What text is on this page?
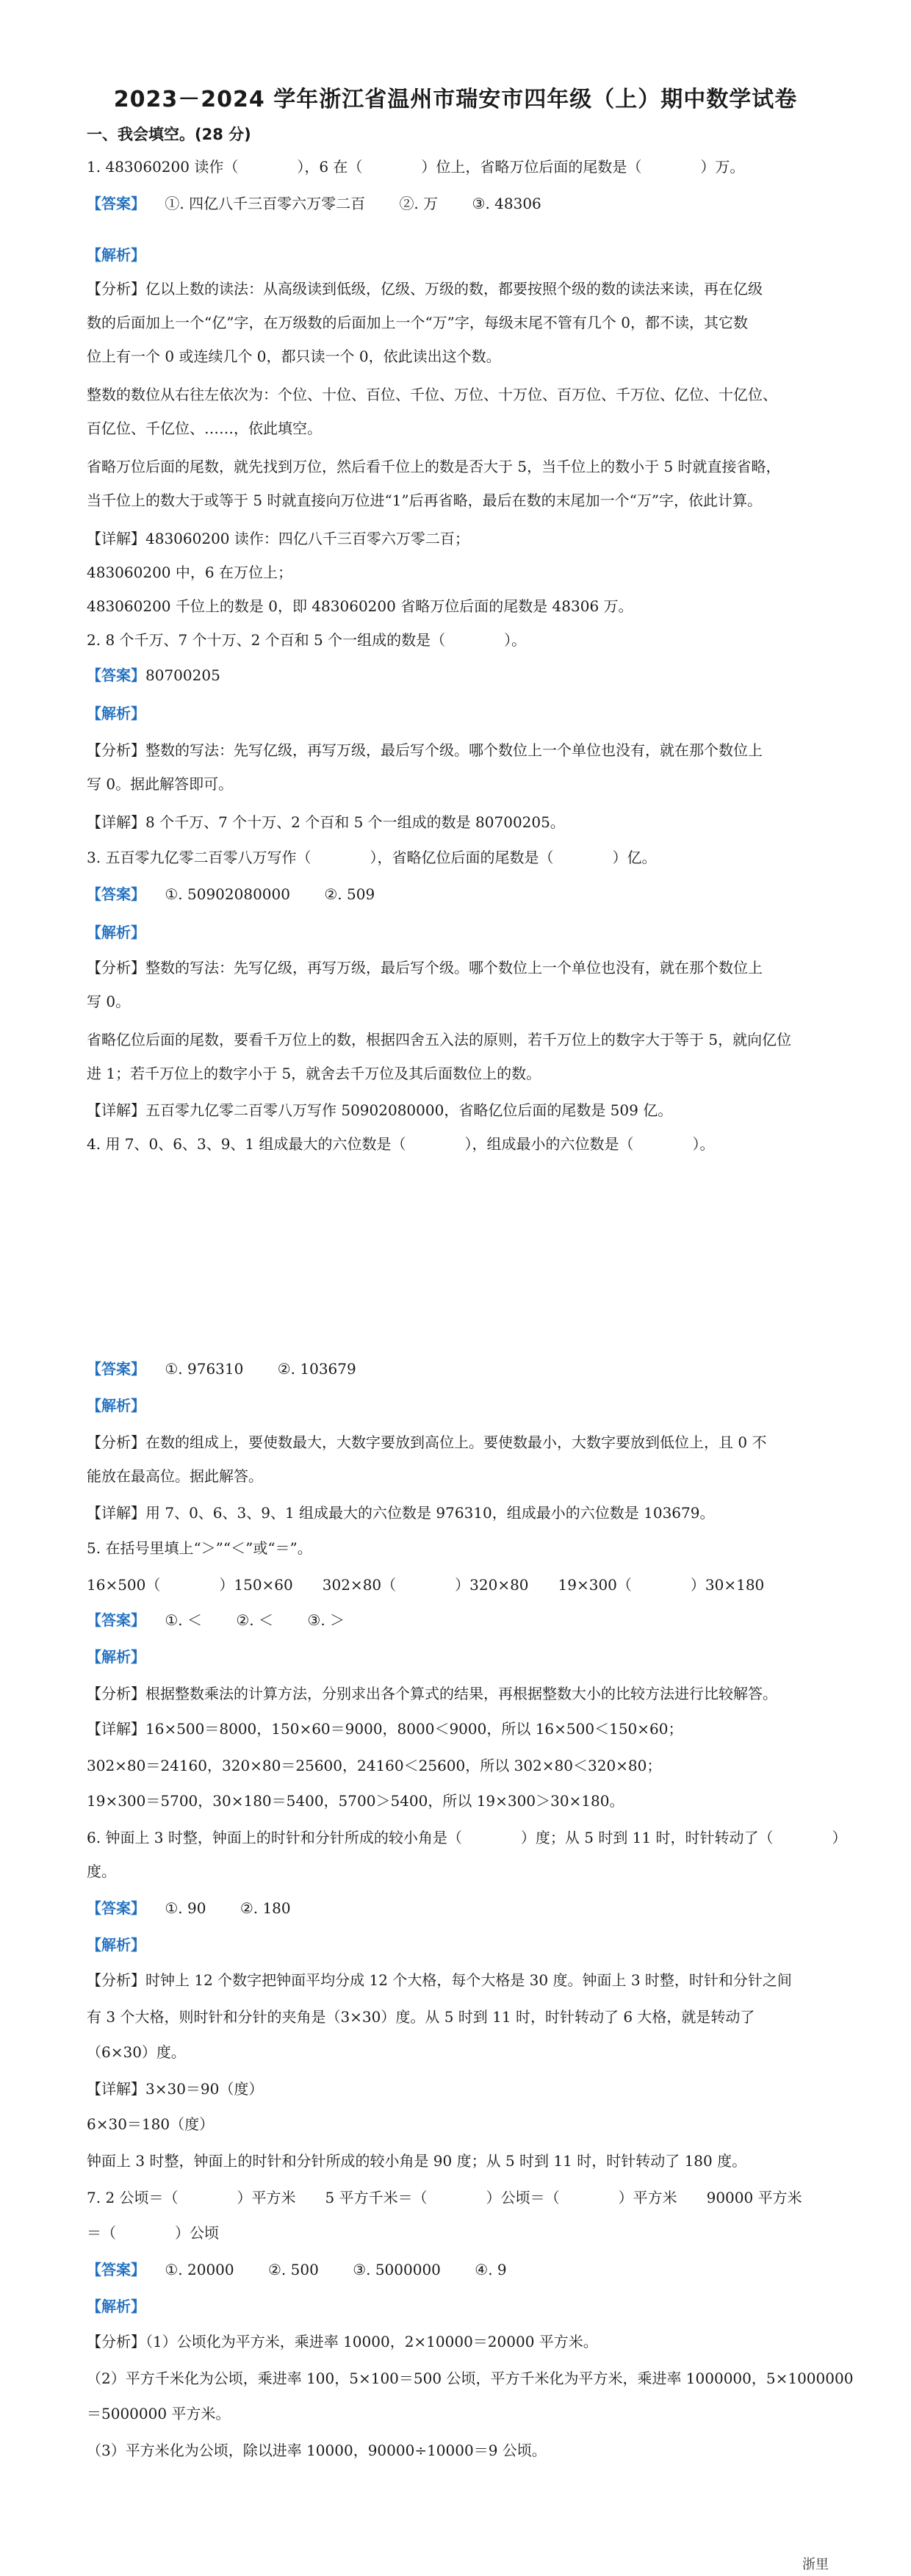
2023－2024 学年浙江省温州市瑞安市四年级（上）期中数学试卷
一、我会填空。(28 分)
1. 483060200 读作（　　　　），6 在（　　　　）位上，省略万位后面的尾数是（　　　　）万。
【答案】  ①. 四亿八千三百零六万零二百 ②. 万 ③. 48306
【解析】
【分析】亿以上数的读法：从高级读到低级，亿级、万级的数，都要按照个级的数的读法来读，再在亿级
数的后面加上一个“亿”字，在万级数的后面加上一个“万”字，每级末尾不管有几个 0，都不读，其它数
位上有一个 0 或连续几个 0，都只读一个 0，依此读出这个数。
整数的数位从右往左依次为：个位、十位、百位、千位、万位、十万位、百万位、千万位、亿位、十亿位、
百亿位、千亿位、……，依此填空。
省略万位后面的尾数，就先找到万位，然后看千位上的数是否大于 5，当千位上的数小于 5 时就直接省略，
当千位上的数大于或等于 5 时就直接向万位进“1”后再省略，最后在数的末尾加一个“万”字，依此计算。
【详解】483060200 读作：四亿八千三百零六万零二百；
483060200 中，6 在万位上；
483060200 千位上的数是 0，即 483060200 省略万位后面的尾数是 48306 万。
2. 8 个千万、7 个十万、2 个百和 5 个一组成的数是（　　　　）。
【答案】80700205
【解析】
【分析】整数的写法：先写亿级，再写万级，最后写个级。哪个数位上一个单位也没有，就在那个数位上
写 0。据此解答即可。
【详解】8 个千万、7 个十万、2 个百和 5 个一组成的数是 80700205。
3. 五百零九亿零二百零八万写作（　　　　），省略亿位后面的尾数是（　　　　）亿。
【答案】  ①. 50902080000 ②. 509
【解析】
【分析】整数的写法：先写亿级，再写万级，最后写个级。哪个数位上一个单位也没有，就在那个数位上
写 0。
省略亿位后面的尾数，要看千万位上的数，根据四舍五入法的原则，若千万位上的数字大于等于 5，就向亿位
进 1；若千万位上的数字小于 5，就舍去千万位及其后面数位上的数。
【详解】五百零九亿零二百零八万写作 50902080000，省略亿位后面的尾数是 509 亿。
4. 用 7、0、6、3、9、1 组成最大的六位数是（　　　　），组成最小的六位数是（　　　　）。
【答案】  ①. 976310 ②. 103679
【解析】
【分析】在数的组成上，要使数最大，大数字要放到高位上。要使数最小，大数字要放到低位上，且 0 不
能放在最高位。据此解答。
【详解】用 7、0、6、3、9、1 组成最大的六位数是 976310，组成最小的六位数是 103679。
5. 在括号里填上“＞”“＜”或“＝”。
16×500（　　　　）150×60　　302×80（　　　　）320×80　　19×300（　　　　）30×180
【答案】  ①. ＜ ②. ＜ ③. ＞
【解析】
【分析】根据整数乘法的计算方法，分别求出各个算式的结果，再根据整数大小的比较方法进行比较解答。
【详解】16×500＝8000，150×60＝9000，8000＜9000，所以 16×500＜150×60；
302×80＝24160，320×80＝25600，24160＜25600，所以 302×80＜320×80；
19×300＝5700，30×180＝5400，5700＞5400，所以 19×300＞30×180。
6. 钟面上 3 时整，钟面上的时针和分针所成的较小角是（　　　　）度；从 5 时到 11 时，时针转动了（　　　　）
度。
【答案】  ①. 90 ②. 180
【解析】
【分析】时钟上 12 个数字把钟面平均分成 12 个大格，每个大格是 30 度。钟面上 3 时整，时针和分针之间
有 3 个大格，则时针和分针的夹角是（3×30）度。从 5 时到 11 时，时针转动了 6 大格，就是转动了
（6×30）度。
【详解】3×30＝90（度）
6×30＝180（度）
钟面上 3 时整，钟面上的时针和分针所成的较小角是 90 度；从 5 时到 11 时，时针转动了 180 度。
7. 2 公顷＝（　　　　）平方米　　5 平方千米＝（　　　　）公顷＝（　　　　）平方米　　90000 平方米
＝（　　　　）公顷
【答案】  ①. 20000 ②. 500 ③. 5000000 ④. 9
【解析】
【分析】（1）公顷化为平方米，乘进率 10000，2×10000＝20000 平方米。
（2）平方千米化为公顷，乘进率 100，5×100＝500 公顷，平方千米化为平方米，乘进率 1000000，5×1000000
＝5000000 平方米。
（3）平方米化为公顷，除以进率 10000，90000÷10000＝9 公顷。
浙里
